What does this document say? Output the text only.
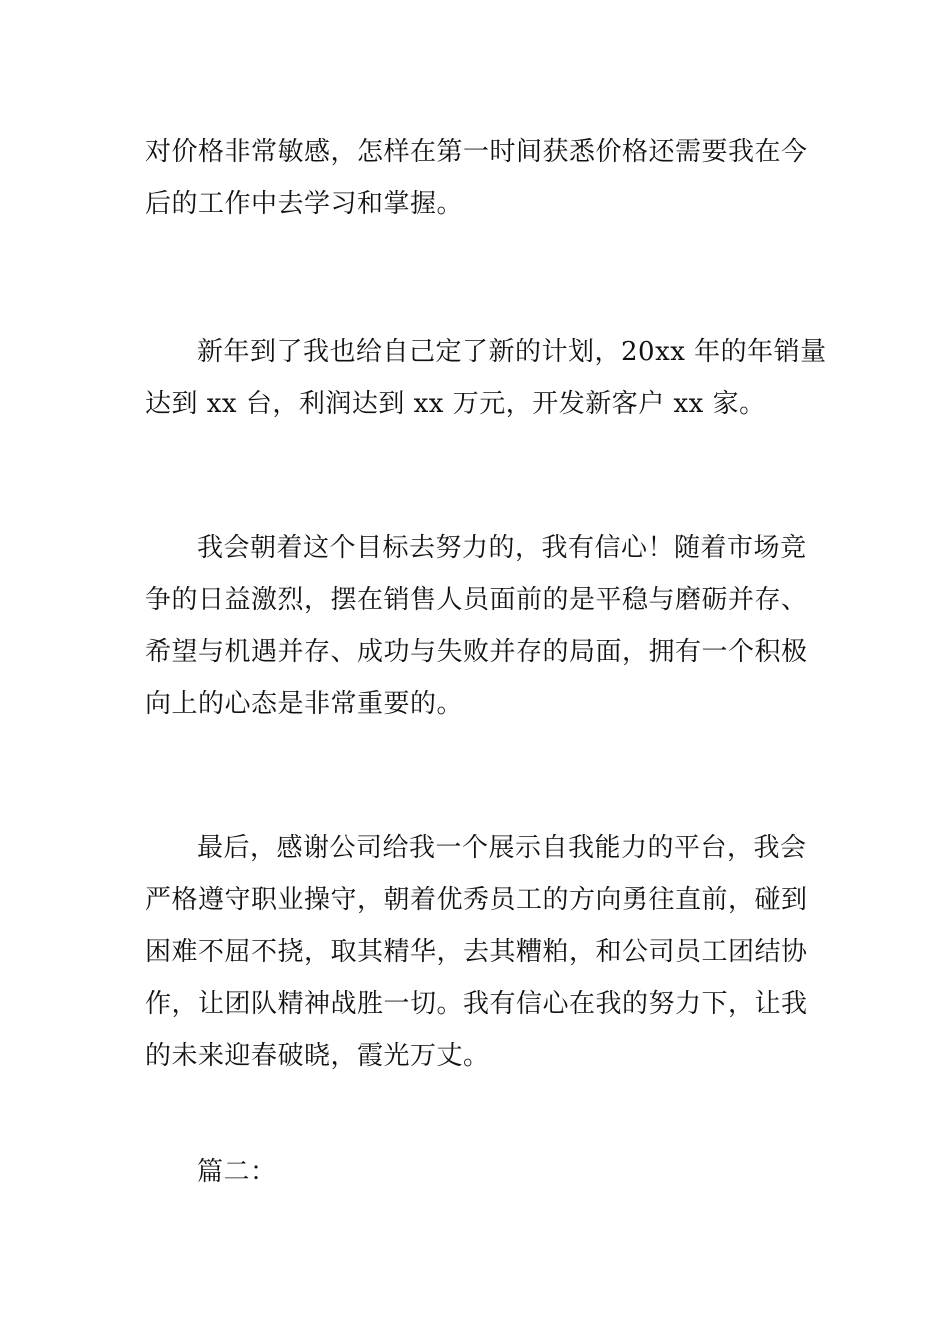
对价格非常敏感，怎样在第一时间获悉价格还需要我在今
后的工作中去学习和掌握。

新年到了我也给自己定了新的计划，20xx 年的年销量
达到 xx 台，利润达到 xx 万元，开发新客户 xx 家。

我会朝着这个目标去努力的，我有信心！随着市场竞
争的日益激烈，摆在销售人员面前的是平稳与磨砺并存、
希望与机遇并存、成功与失败并存的局面，拥有一个积极
向上的心态是非常重要的。

最后，感谢公司给我一个展示自我能力的平台，我会
严格遵守职业操守，朝着优秀员工的方向勇往直前，碰到
困难不屈不挠，取其精华，去其糟粕，和公司员工团结协
作，让团队精神战胜一切。我有信心在我的努力下，让我
的未来迎春破晓，霞光万丈。

篇二：
